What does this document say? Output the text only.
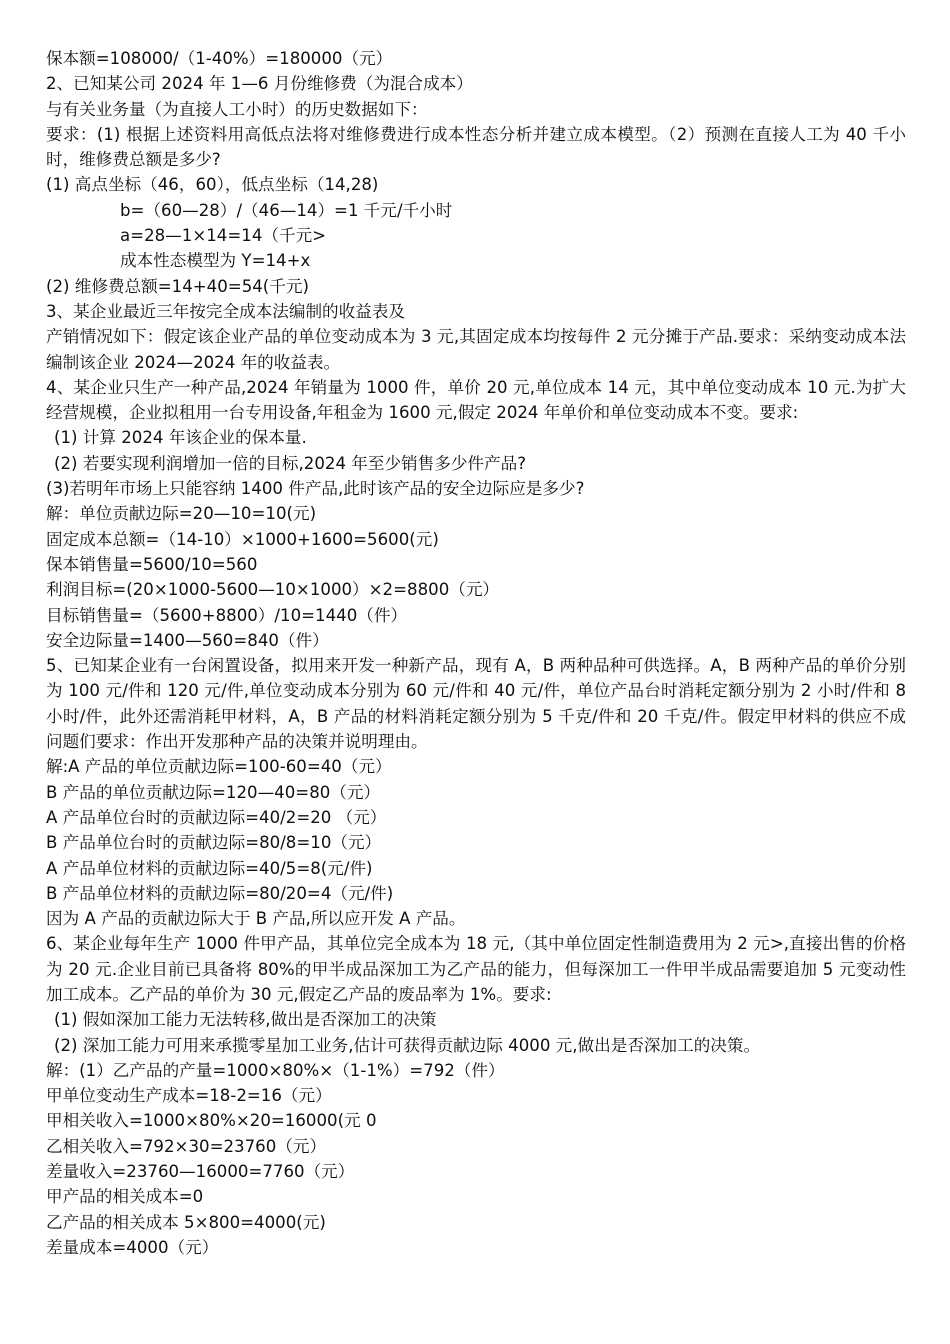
保本额=108000/（1-40%）=180000（元）
2、已知某公司 2024 年 1—6 月份维修费（为混合成本）
与有关业务量（为直接人工小时）的历史数据如下：
要求：(1) 根据上述资料用高低点法将对维修费进行成本性态分析并建立成本模型。（2）预测在直接人工为 40 千小时，维修费总额是多少?
(1) 高点坐标（46，60），低点坐标（14,28)
b=（60—28）/（46—14）=1 千元/千小时
a=28—1×14=14（千元>
成本性态模型为 Y=14+x
(2) 维修费总额=14+40=54(千元)
3、某企业最近三年按完全成本法编制的收益表及
产销情况如下：假定该企业产品的单位变动成本为 3 元,其固定成本均按每件 2 元分摊于产品.要求：采纳变动成本法编制该企业 2024—2024 年的收益表。
4、某企业只生产一种产品,2024 年销量为 1000 件，单价 20 元,单位成本 14 元，其中单位变动成本 10 元.为扩大经营规模，企业拟租用一台专用设备,年租金为 1600 元,假定 2024 年单价和单位变动成本不变。要求:
(1) 计算 2024 年该企业的保本量.
(2) 若要实现利润增加一倍的目标,2024 年至少销售多少件产品?
(3)若明年市场上只能容纳 1400 件产品,此时该产品的安全边际应是多少?
解：单位贡献边际=20—10=10(元)
固定成本总额=（14-10）×1000+1600=5600(元)
保本销售量=5600/10=560
利润目标=(20×1000-5600—10×1000）×2=8800（元）
目标销售量=（5600+8800）/10=1440（件）
安全边际量=1400—560=840（件）
5、已知某企业有一台闲置设备，拟用来开发一种新产品，现有 A，B 两种品种可供选择。A，B 两种产品的单价分别为 100 元/件和 120 元/件,单位变动成本分别为 60 元/件和 40 元/件，单位产品台时消耗定额分别为 2 小时/件和 8 小时/件，此外还需消耗甲材料，A，B 产品的材料消耗定额分别为 5 千克/件和 20 千克/件。假定甲材料的供应不成问题们要求：作出开发那种产品的决策并说明理由。
解:A 产品的单位贡献边际=100-60=40（元）
B 产品的单位贡献边际=120—40=80（元）
A 产品单位台时的贡献边际=40/2=20 （元）
B 产品单位台时的贡献边际=80/8=10（元）
A 产品单位材料的贡献边际=40/5=8(元/件)
B 产品单位材料的贡献边际=80/20=4（元/件)
因为 A 产品的贡献边际大于 B 产品,所以应开发 A 产品。
6、某企业每年生产 1000 件甲产品，其单位完全成本为 18 元,（其中单位固定性制造费用为 2 元>,直接出售的价格为 20 元.企业目前已具备将 80%的甲半成品深加工为乙产品的能力，但每深加工一件甲半成品需要追加 5 元变动性加工成本。乙产品的单价为 30 元,假定乙产品的废品率为 1%。要求:
(1) 假如深加工能力无法转移,做出是否深加工的决策
(2) 深加工能力可用来承揽零星加工业务,估计可获得贡献边际 4000 元,做出是否深加工的决策。
解：(1）乙产品的产量=1000×80%×（1-1%）=792（件）
甲单位变动生产成本=18-2=16（元）
甲相关收入=1000×80%×20=16000(元 0
乙相关收入=792×30=23760（元）
差量收入=23760—16000=7760（元）
甲产品的相关成本=0
乙产品的相关成本 5×800=4000(元)
差量成本=4000（元）
